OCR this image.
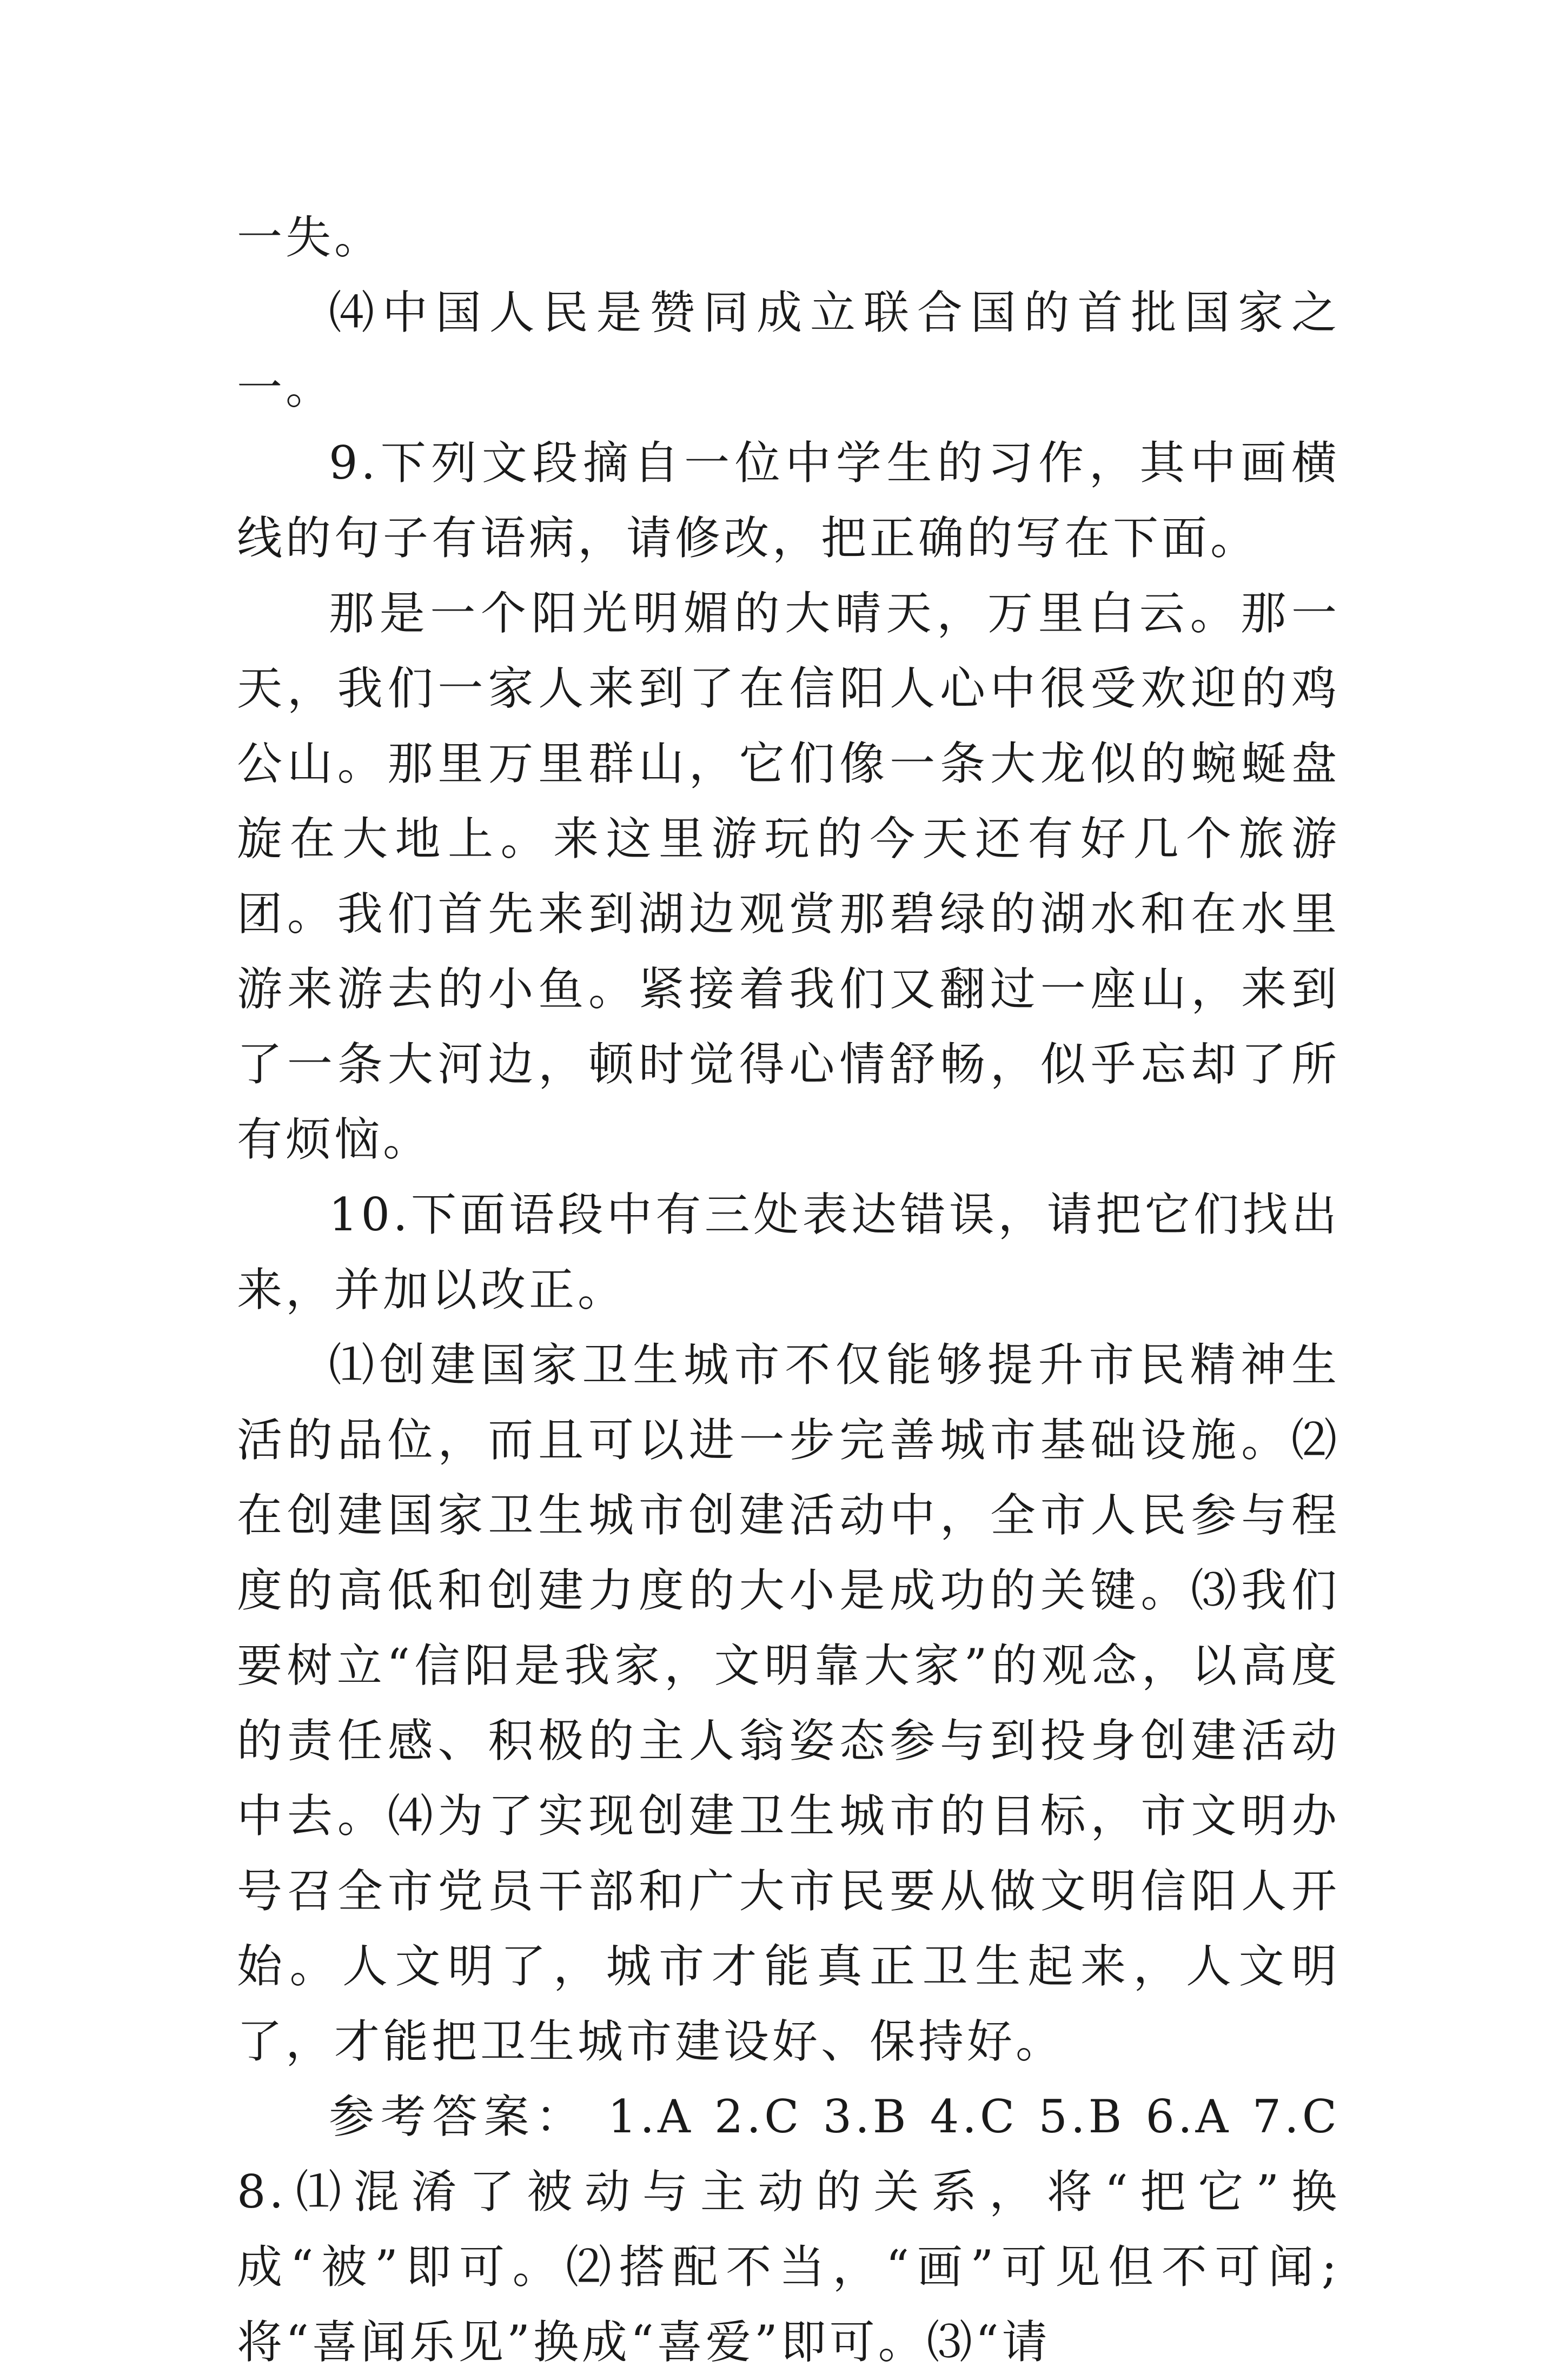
一失。

⑷中国人民是赞同成立联合国的首批国家之一。

9.下列文段摘自一位中学生的习作，其中画横线的句子有语病，请修改，把正确的写在下面。

那是一个阳光明媚的大晴天，万里白云。那一天，我们一家人来到了在信阳人心中很受欢迎的鸡公山。那里万里群山，它们像一条大龙似的蜿蜒盘旋在大地上。来这里游玩的今天还有好几个旅游团。我们首先来到湖边观赏那碧绿的湖水和在水里游来游去的小鱼。紧接着我们又翻过一座山，来到了一条大河边，顿时觉得心情舒畅，似乎忘却了所有烦恼。

10.下面语段中有三处表达错误，请把它们找出来，并加以改正。

⑴创建国家卫生城市不仅能够提升市民精神生活的品位，而且可以进一步完善城市基础设施。⑵在创建国家卫生城市创建活动中，全市人民参与程度的高低和创建力度的大小是成功的关键。⑶我们要树立“信阳是我家，文明靠大家”的观念，以高度的责任感、积极的主人翁姿态参与到投身创建活动中去。⑷为了实现创建卫生城市的目标，市文明办号召全市党员干部和广大市民要从做文明信阳人开始。人文明了，城市才能真正卫生起来，人文明了，才能把卫生城市建设好、保持好。

参考答案： 1.A 2.C 3.B 4.C 5.B 6.A 7.C 8.⑴混淆了被动与主动的关系，将“把它”换成“被”即可。⑵搭配不当，“画”可见但不可闻;将“喜闻乐见”换成“喜爱”即可。⑶“请
